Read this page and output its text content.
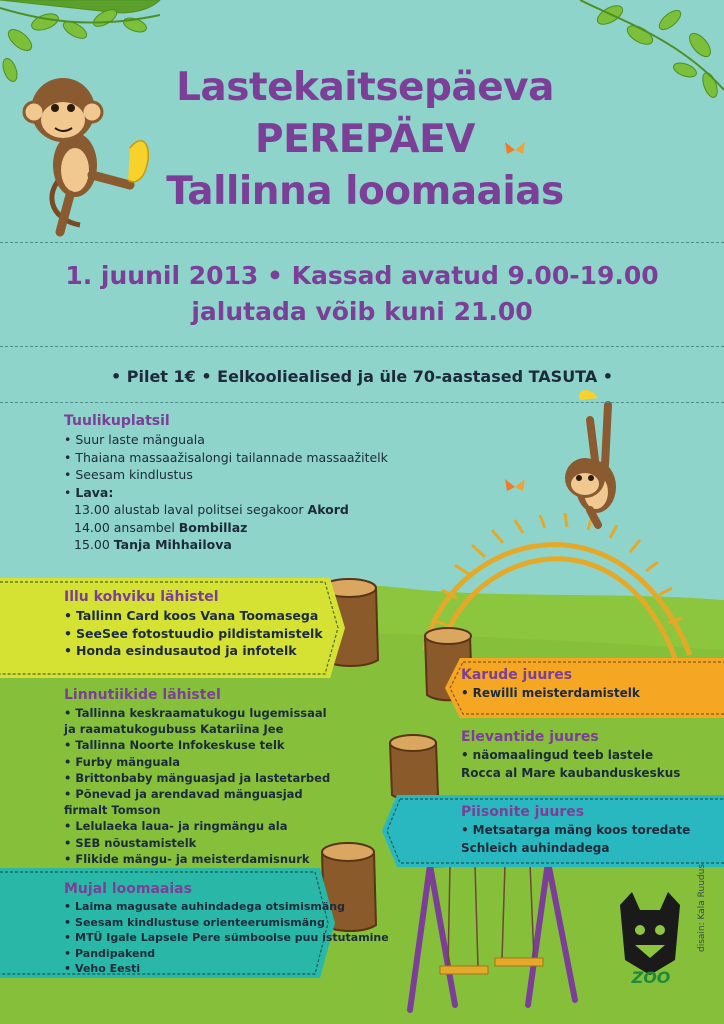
Lastekaitsepäeva
PEREPÄEV
Tallinna loomaaias
1. juunil 2013 • Kassad avatud 9.00-19.00
jalutada võib kuni 21.00
• Pilet 1€ • Eelkooliealised ja üle 70-aastased TASUTA •
Tuulikuplatsil
• Suur laste mänguala
• Thaiana massaažisalongi tailannade massaažitelk
• Seesam kindlustus
• Lava:
13.00 alustab laval politsei segakoor Akord
14.00 ansambel Bombillaz
15.00 Tanja Mihhailova
Illu kohviku lähistel
• Tallinn Card koos Vana Toomasega
• SeeSee fotostuudio pildistamistelk
• Honda esindusautod ja infotelk
Linnutiikide lähistel
• Tallinna keskraamatukogu lugemissaal
ja raamatukogubuss Katariina Jee
• Tallinna Noorte Infokeskuse telk
• Furby mänguala
• Brittonbaby mänguasjad ja lastetarbed
• Põnevad ja arendavad mänguasjad
firmalt Tomson
• Lelulaeka laua- ja ringmängu ala
• SEB nõustamistelk
• Flikide mängu- ja meisterdamisnurk
Mujal loomaaias
• Laima magusate auhindadega otsimismäng
• Seesam kindlustuse orienteerumismäng
• MTÜ Igale Lapsele Pere sümboolse puu istutamine
• Pandipakend
• Veho Eesti
Karude juures
• Rewilli meisterdamistelk
Elevantide juures
• näomaalingud teeb lastele
Rocca al Mare kaubanduskeskus
Piisonite juures
• Metsatarga mäng koos toredate
Schleich auhindadega
ZOO
disain: Kala Ruudus
